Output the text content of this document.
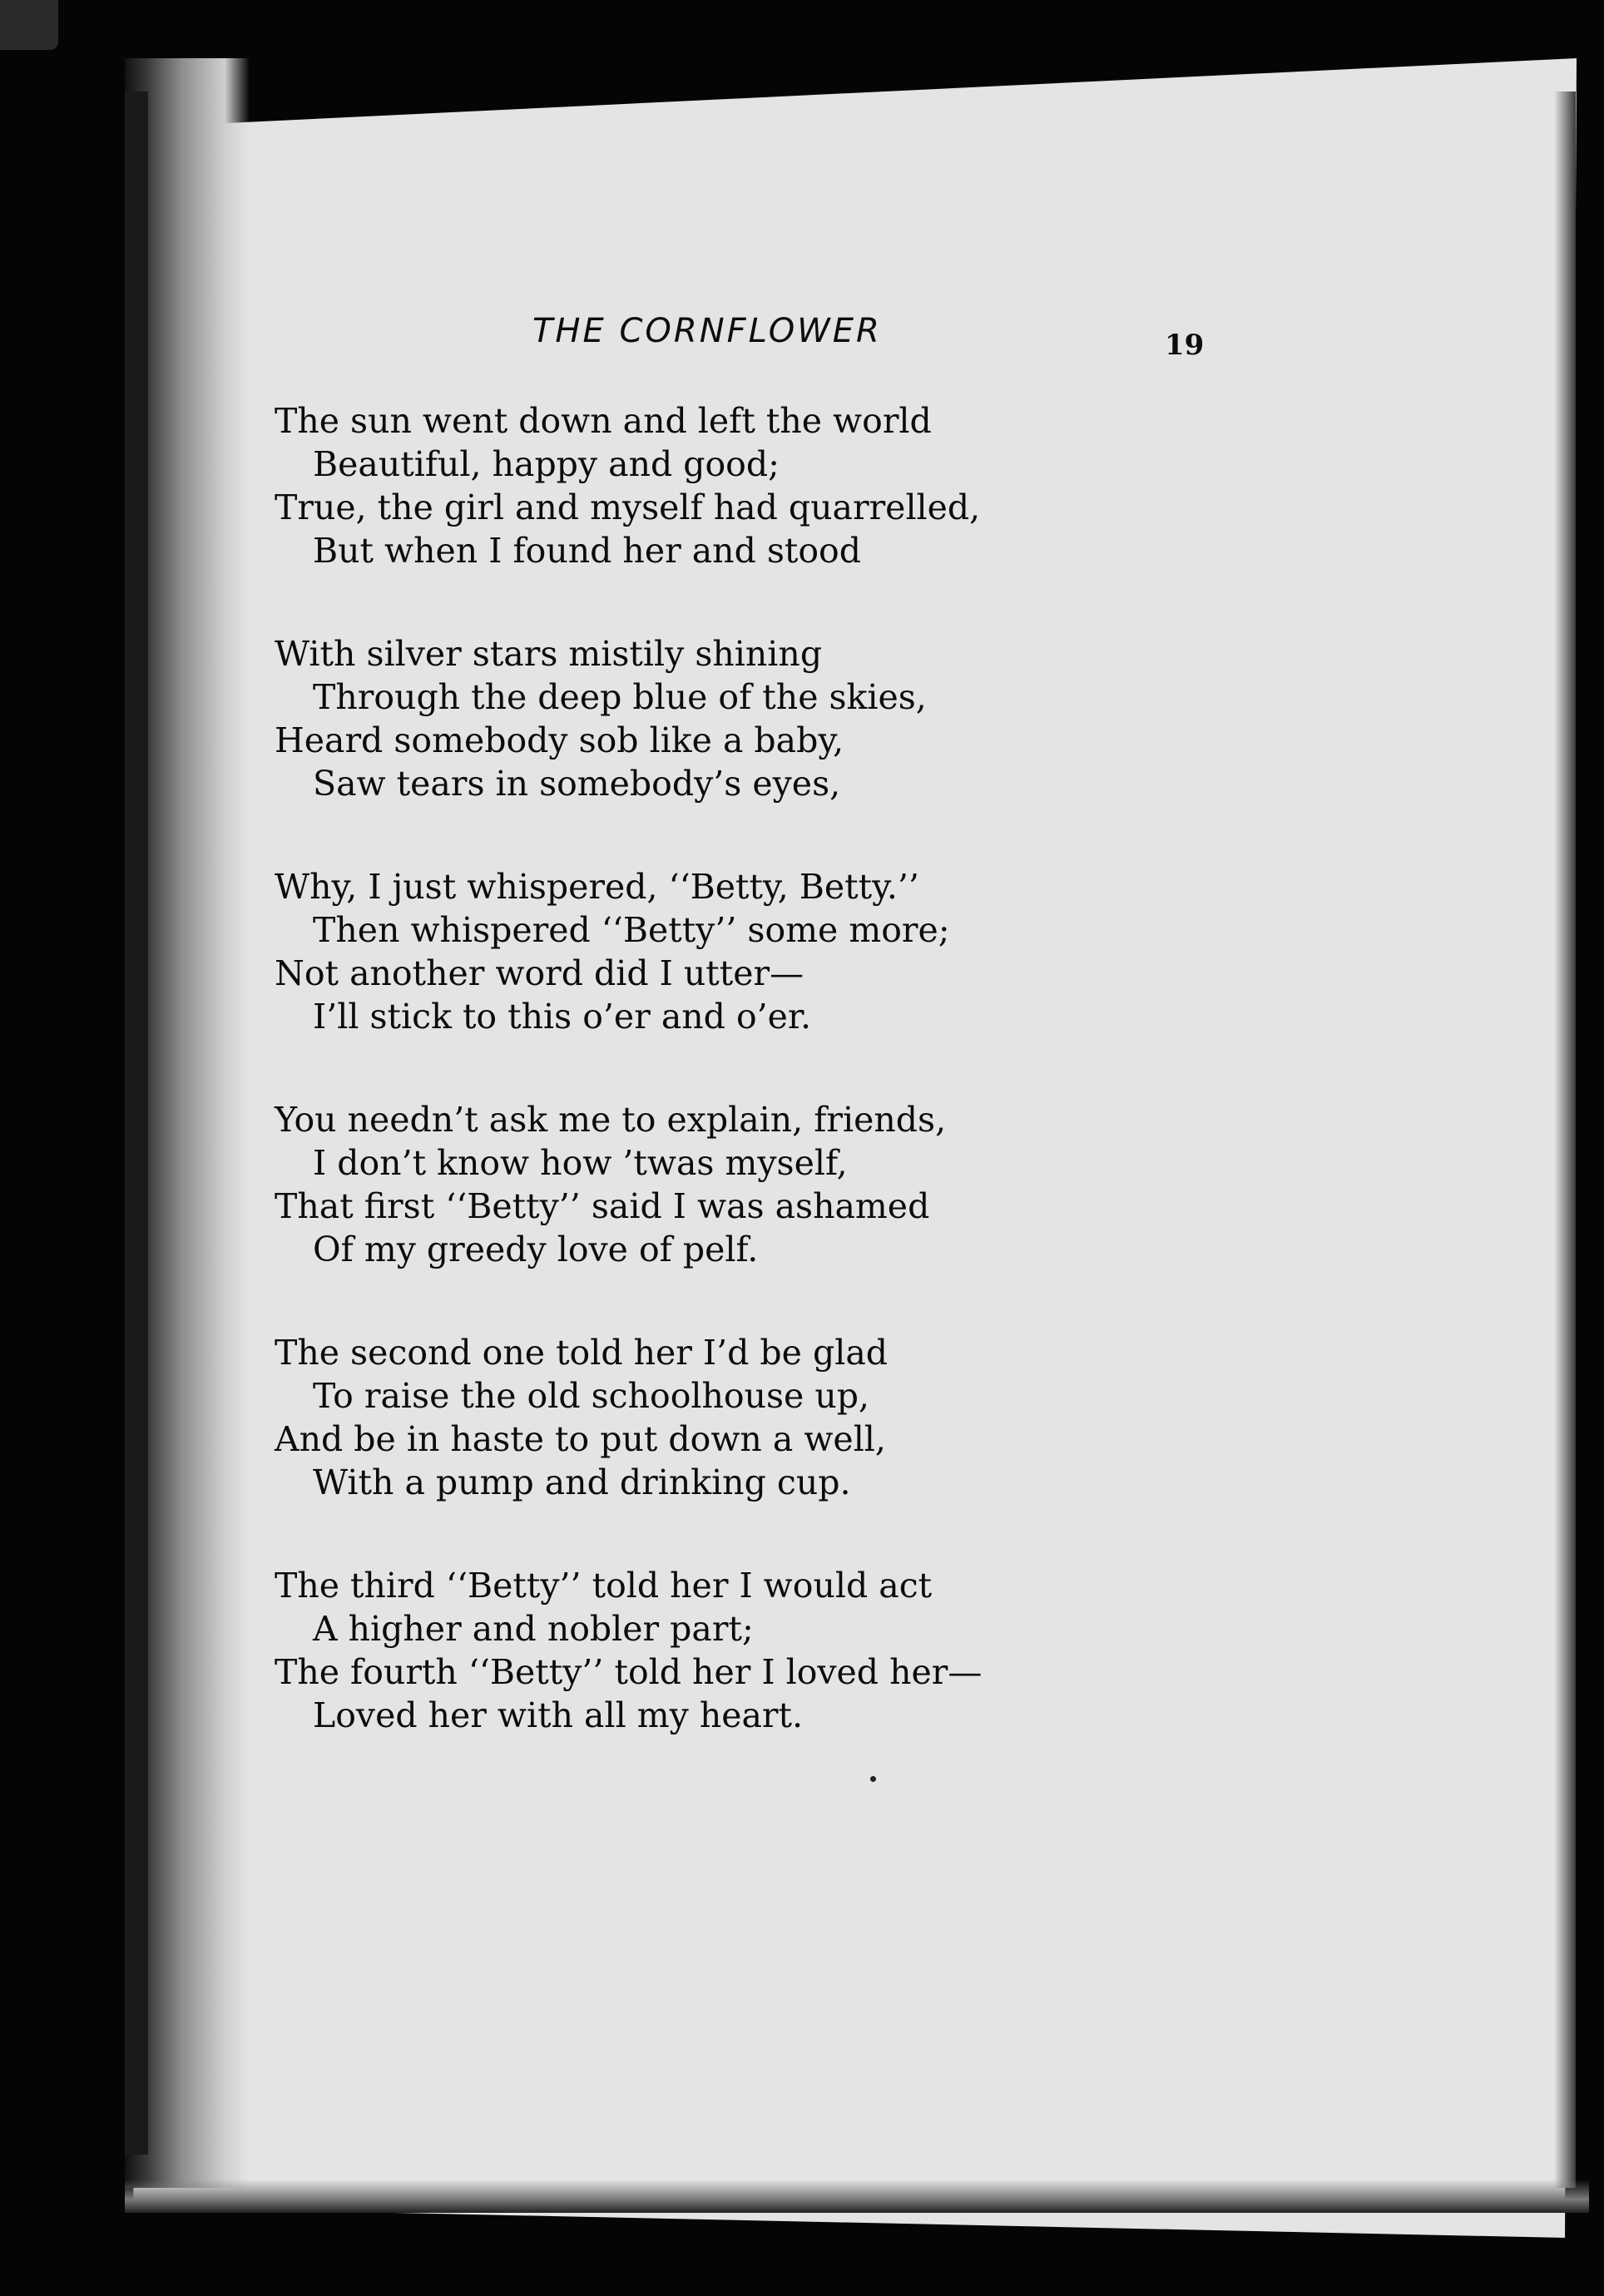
THE CORNFLOWER	19
The sun went down and left the world
Beautiful, happy and good;
True, the girl and myself had quarrelled,
But when I found her and stood
With silver stars mistily shining
Through the deep blue of the skies,
Heard somebody sob like a baby,
Saw tears in somebody’s eyes,
Why, I just whispered, ‘‘Betty, Betty.’’
Then whispered ‘‘Betty’’ some more;
Not another word did I utter—
I’ll stick to this o’er and o’er.
You needn’t ask me to explain, friends,
I don’t know how ’twas myself,
That first ‘‘Betty’’ said I was ashamed
Of my greedy love of pelf.
The second one told her I’d be glad
To raise the old schoolhouse up,
And be in haste to put down a well,
With a pump and drinking cup.
The third ‘‘Betty’’ told her I would act
A higher and nobler part;
The fourth ‘‘Betty’’ told her I loved her—
Loved her with all my heart.
